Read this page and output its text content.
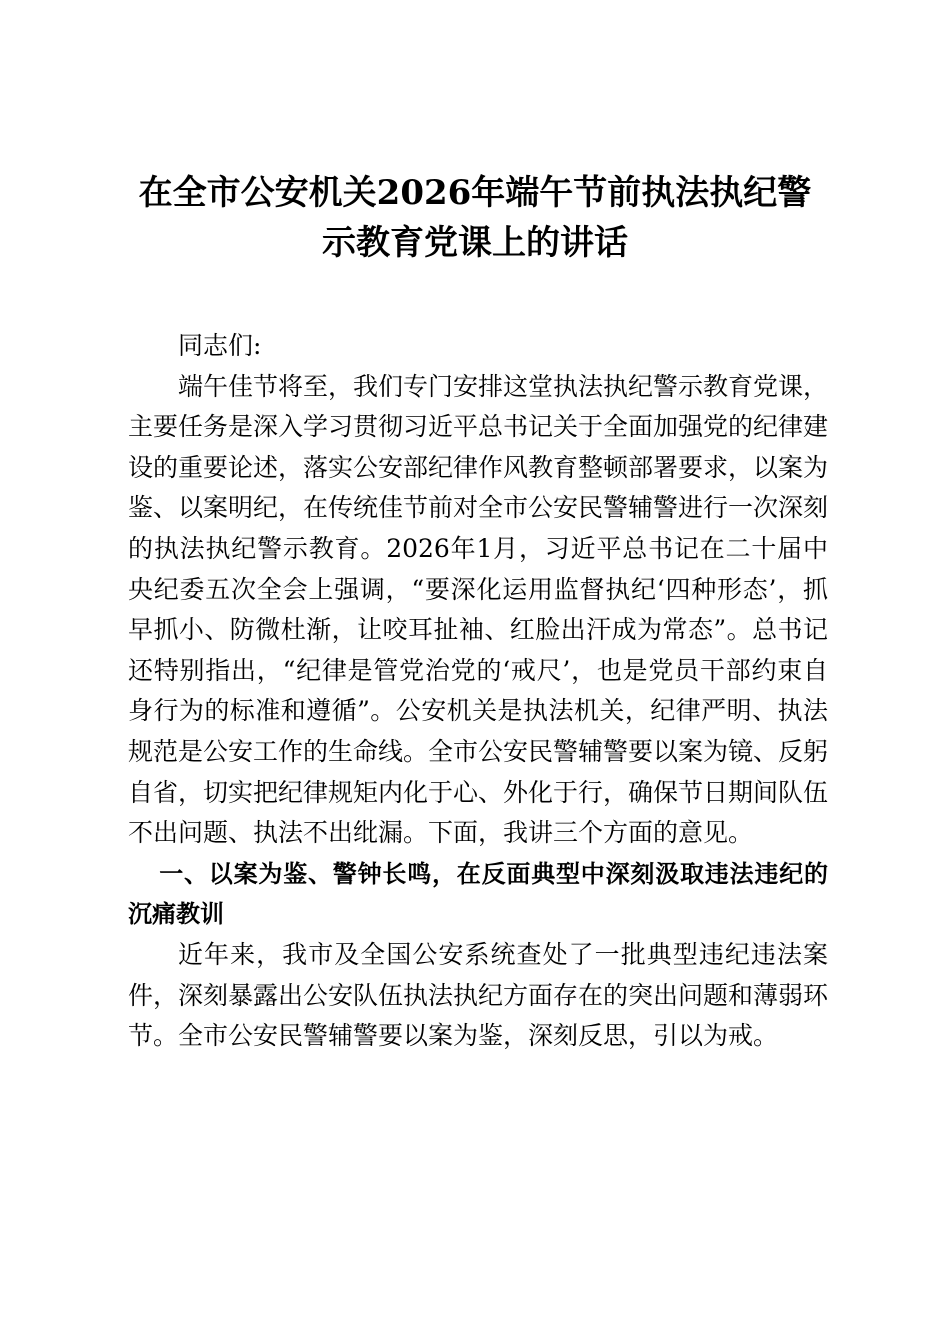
在全市公安机关2026年端午节前执法执纪警
示教育党课上的讲话

同志们:

端午佳节将至，我们专门安排这堂执法执纪警示教育党课，主要任务是深入学习贯彻习近平总书记关于全面加强党的纪律建设的重要论述，落实公安部纪律作风教育整顿部署要求，以案为鉴、以案明纪，在传统佳节前对全市公安民警辅警进行一次深刻的执法执纪警示教育。2026年1月，习近平总书记在二十届中央纪委五次全会上强调，“要深化运用监督执纪‘四种形态’，抓早抓小、防微杜渐，让咬耳扯袖、红脸出汗成为常态”。总书记还特别指出，“纪律是管党治党的‘戒尺’，也是党员干部约束自身行为的标准和遵循”。公安机关是执法机关，纪律严明、执法规范是公安工作的生命线。全市公安民警辅警要以案为镜、反躬自省，切实把纪律规矩内化于心、外化于行，确保节日期间队伍不出问题、执法不出纰漏。下面，我讲三个方面的意见。

一、以案为鉴、警钟长鸣，在反面典型中深刻汲取违法违纪的沉痛教训

近年来，我市及全国公安系统查处了一批典型违纪违法案件，深刻暴露出公安队伍执法执纪方面存在的突出问题和薄弱环节。全市公安民警辅警要以案为鉴，深刻反思，引以为戒。
